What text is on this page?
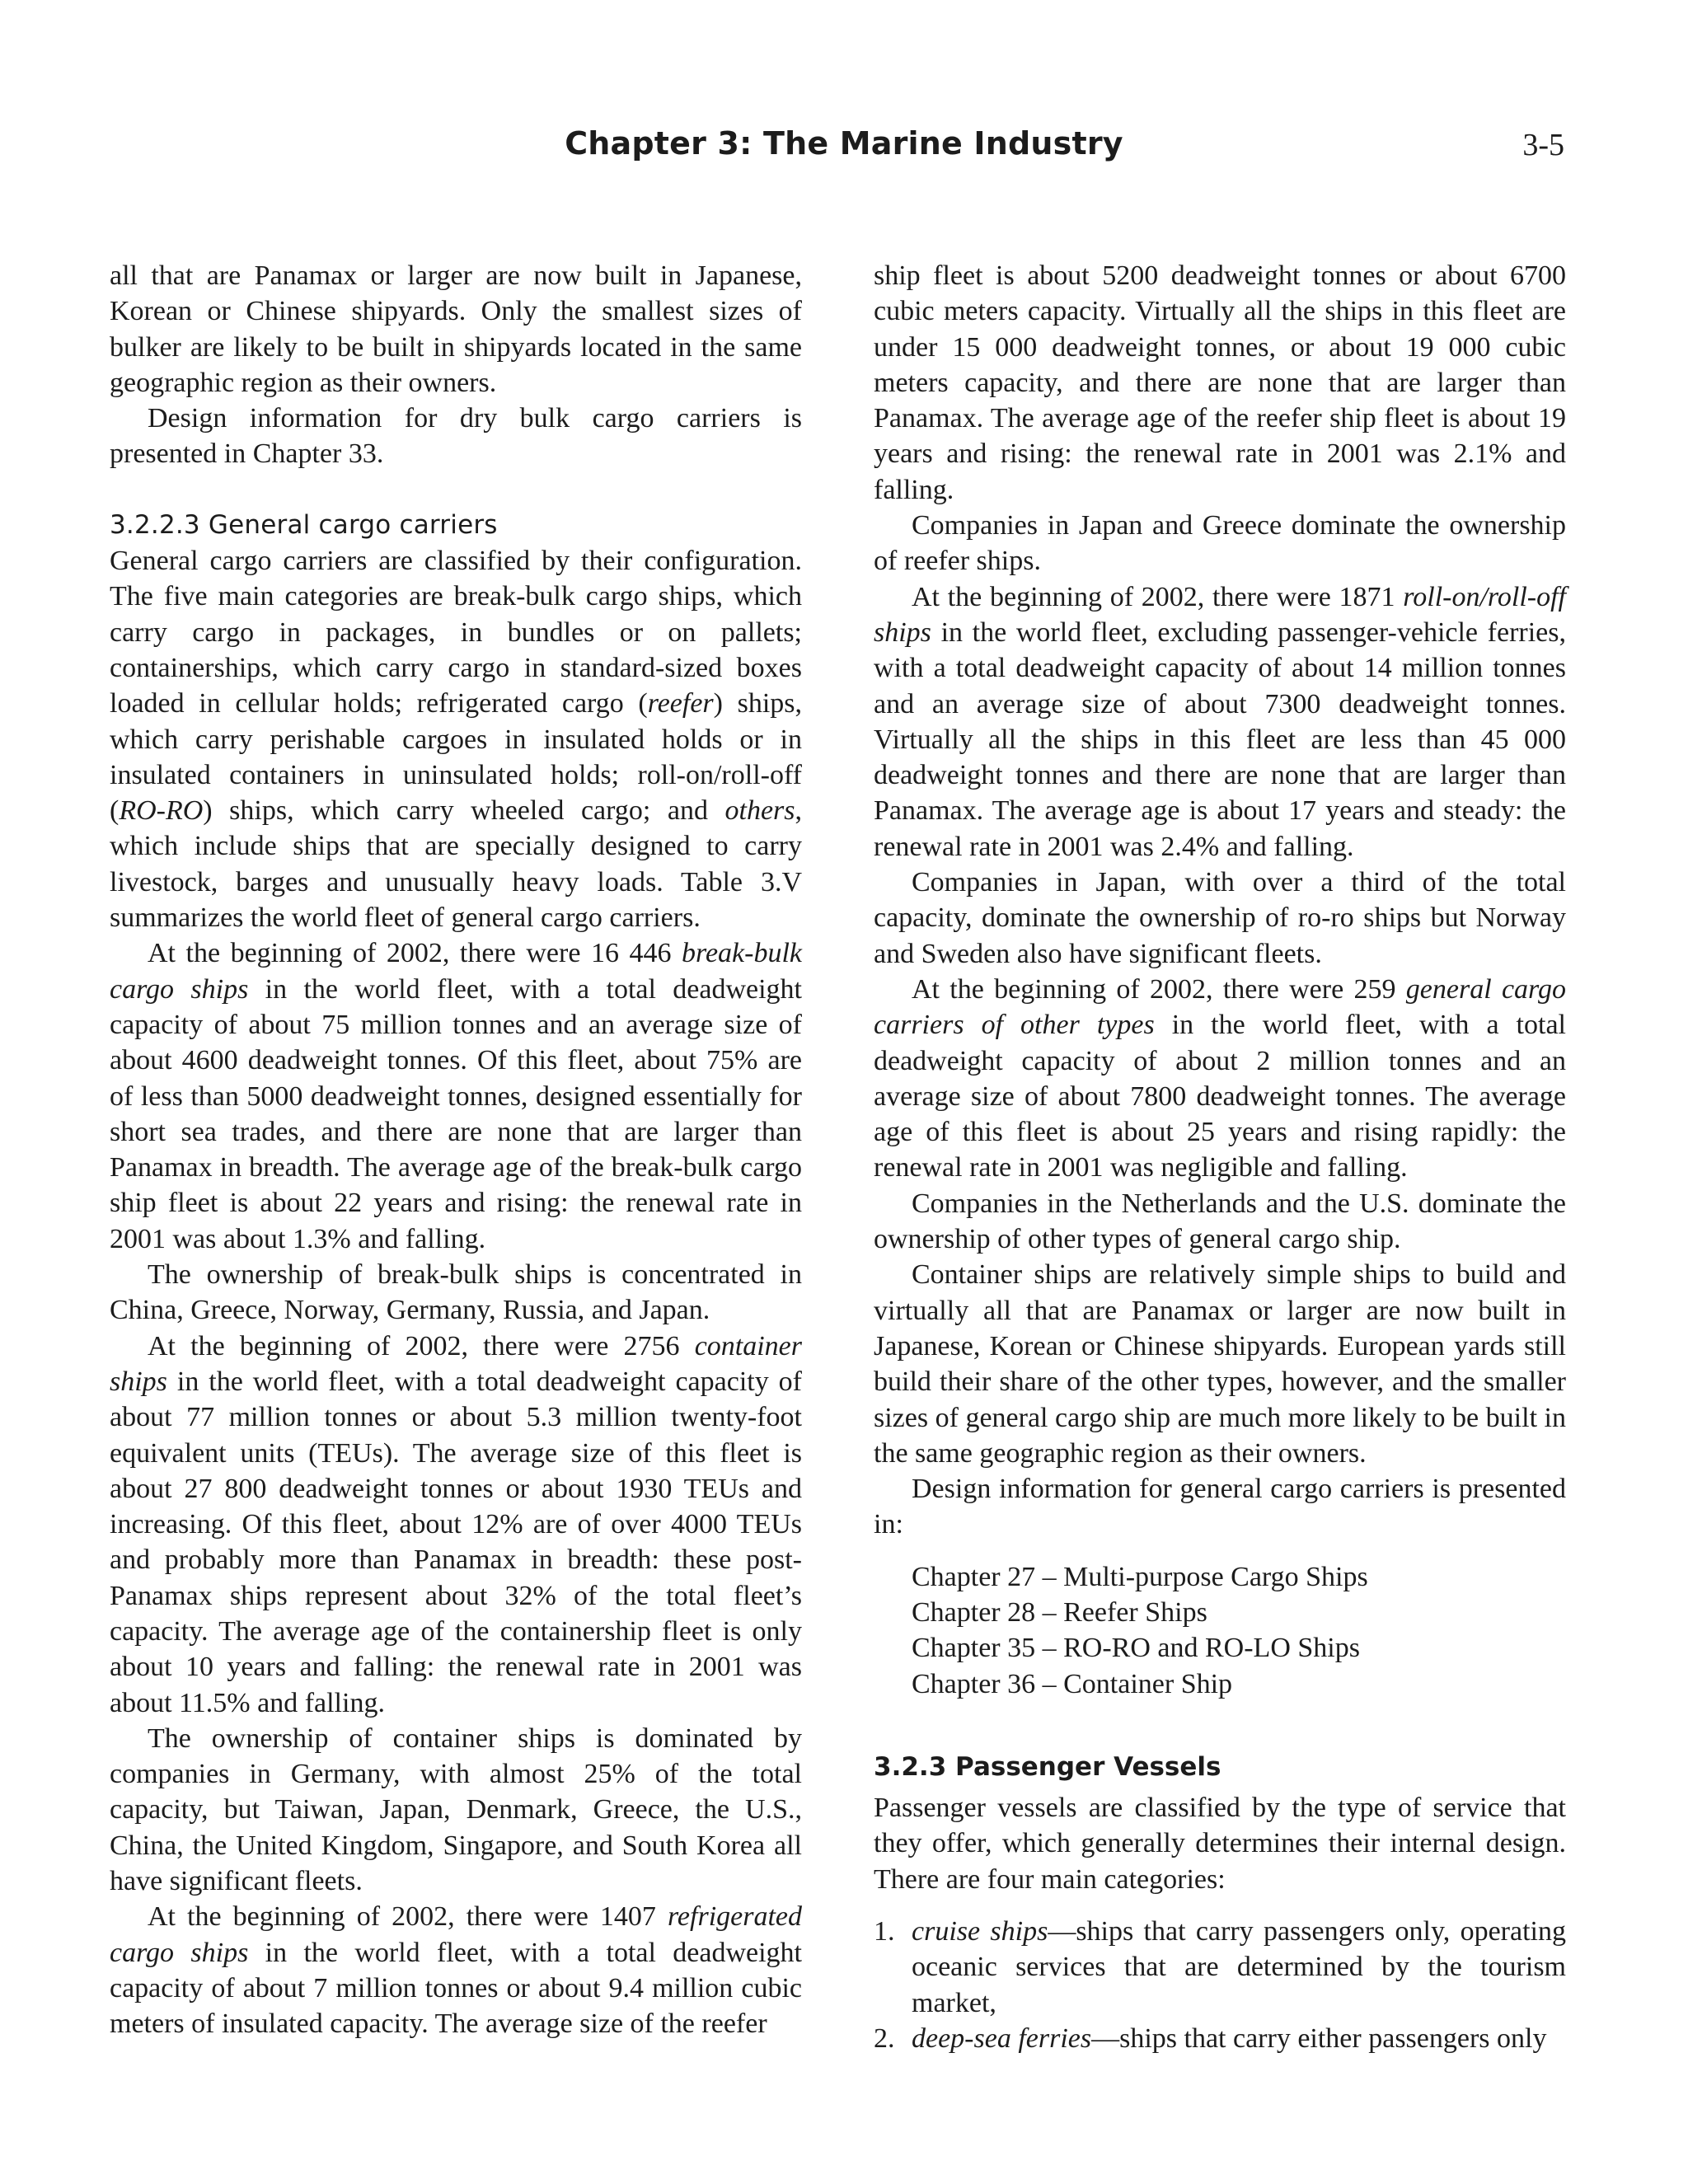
Chapter 3: The Marine Industry	3-5

all that are Panamax or larger are now built in Japanese, Korean or Chinese shipyards. Only the smallest sizes of bulker are likely to be built in shipyards located in the same geographic region as their owners.

Design information for dry bulk cargo carriers is presented in Chapter 33.

3.2.2.3 General cargo carriers

General cargo carriers are classified by their configuration. The five main categories are break-bulk cargo ships, which carry cargo in packages, in bundles or on pallets; containerships, which carry cargo in standard-sized boxes loaded in cellular holds; refrigerated cargo (reefer) ships, which carry perishable cargoes in insulated holds or in insulated containers in uninsulated holds; roll-on/roll-off (RO-RO) ships, which carry wheeled cargo; and others, which include ships that are specially designed to carry livestock, barges and unusually heavy loads. Table 3.V summarizes the world fleet of general cargo carriers.

At the beginning of 2002, there were 16 446 break-bulk cargo ships in the world fleet, with a total deadweight capacity of about 75 million tonnes and an average size of about 4600 deadweight tonnes. Of this fleet, about 75% are of less than 5000 deadweight tonnes, designed essentially for short sea trades, and there are none that are larger than Panamax in breadth. The average age of the break-bulk cargo ship fleet is about 22 years and rising: the renewal rate in 2001 was about 1.3% and falling.

The ownership of break-bulk ships is concentrated in China, Greece, Norway, Germany, Russia, and Japan.

At the beginning of 2002, there were 2756 container ships in the world fleet, with a total deadweight capacity of about 77 million tonnes or about 5.3 million twenty-foot equivalent units (TEUs). The average size of this fleet is about 27 800 deadweight tonnes or about 1930 TEUs and increasing. Of this fleet, about 12% are of over 4000 TEUs and probably more than Panamax in breadth: these post-Panamax ships represent about 32% of the total fleet’s capacity. The average age of the containership fleet is only about 10 years and falling: the renewal rate in 2001 was about 11.5% and falling.

The ownership of container ships is dominated by companies in Germany, with almost 25% of the total capacity, but Taiwan, Japan, Denmark, Greece, the U.S., China, the United Kingdom, Singapore, and South Korea all have significant fleets.

At the beginning of 2002, there were 1407 refrigerated cargo ships in the world fleet, with a total deadweight capacity of about 7 million tonnes or about 9.4 million cubic meters of insulated capacity. The average size of the reefer

ship fleet is about 5200 deadweight tonnes or about 6700 cubic meters capacity. Virtually all the ships in this fleet are under 15 000 deadweight tonnes, or about 19 000 cubic meters capacity, and there are none that are larger than Panamax. The average age of the reefer ship fleet is about 19 years and rising: the renewal rate in 2001 was 2.1% and falling.

Companies in Japan and Greece dominate the ownership of reefer ships.

At the beginning of 2002, there were 1871 roll-on/roll-off ships in the world fleet, excluding passenger-vehicle ferries, with a total deadweight capacity of about 14 million tonnes and an average size of about 7300 deadweight tonnes. Virtually all the ships in this fleet are less than 45 000 deadweight tonnes and there are none that are larger than Panamax. The average age is about 17 years and steady: the renewal rate in 2001 was 2.4% and falling.

Companies in Japan, with over a third of the total capacity, dominate the ownership of ro-ro ships but Norway and Sweden also have significant fleets.

At the beginning of 2002, there were 259 general cargo carriers of other types in the world fleet, with a total deadweight capacity of about 2 million tonnes and an average size of about 7800 deadweight tonnes. The average age of this fleet is about 25 years and rising rapidly: the renewal rate in 2001 was negligible and falling.

Companies in the Netherlands and the U.S. dominate the ownership of other types of general cargo ship.

Container ships are relatively simple ships to build and virtually all that are Panamax or larger are now built in Japanese, Korean or Chinese shipyards. European yards still build their share of the other types, however, and the smaller sizes of general cargo ship are much more likely to be built in the same geographic region as their owners.

Design information for general cargo carriers is presented in:

Chapter 27 – Multi-purpose Cargo Ships
Chapter 28 – Reefer Ships
Chapter 35 – RO-RO and RO-LO Ships
Chapter 36 – Container Ship
3.2.3 Passenger Vessels

Passenger vessels are classified by the type of service that they offer, which generally determines their internal design. There are four main categories:

1. cruise ships—ships that carry passengers only, operating oceanic services that are determined by the tourism market,
2. deep-sea ferries—ships that carry either passengers only
